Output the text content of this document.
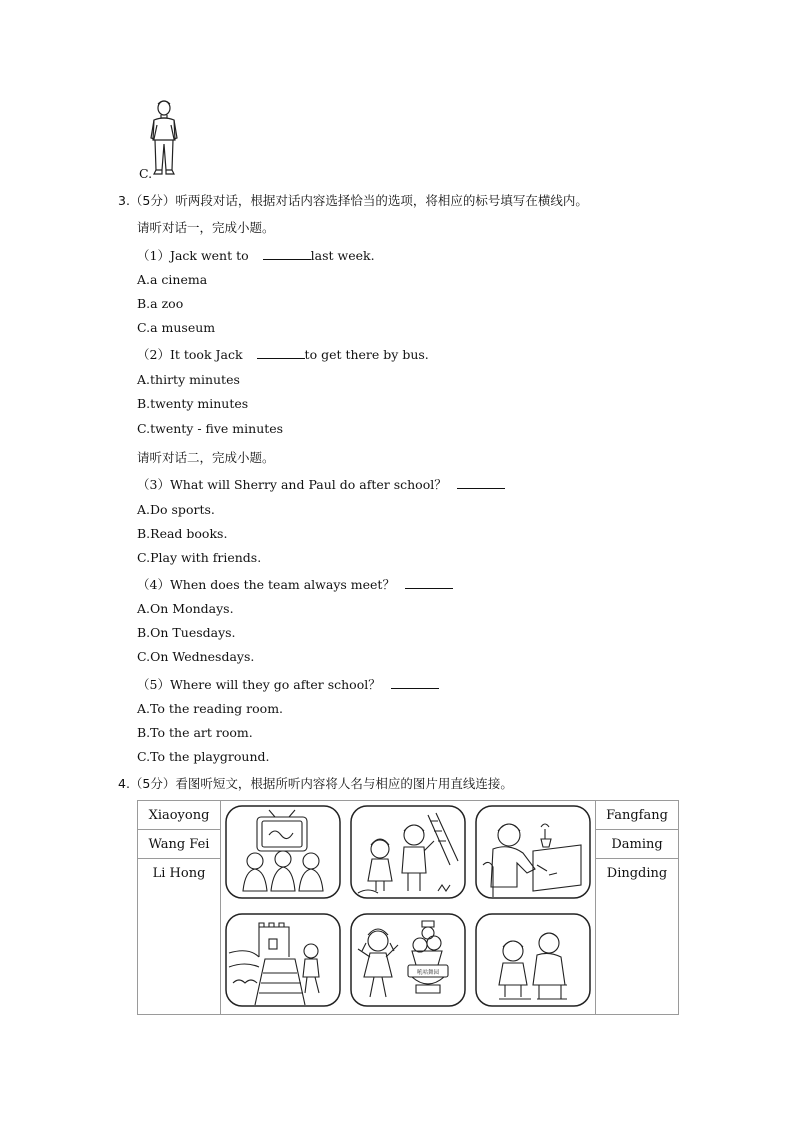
C.
3.（5分）听两段对话，根据对话内容选择恰当的选项，将相应的标号填写在横线内。
请听对话一，完成小题。
（1）Jack went to	last week.
A.a cinema
B.a zoo
C.a museum
（2）It took Jack	to get there by bus.
A.thirty minutes
B.twenty minutes
C.twenty - five minutes
请听对话二，完成小题。
（3）What will Sherry and Paul do after school？
A.Do sports.
B.Read books.
C.Play with friends.
（4）When does the team always meet？
A.On Mondays.
B.On Tuesdays.
C.On Wednesdays.
（5）Where will they go after school？
A.To the reading room.
B.To the art room.
C.To the playground.
4.（5分）看图听短文，根据所听内容将人名与相应的图片用直线连接。
Xiaoyong	吼咕舞园	Fangfang
Wang Fei		Daming
Li Hong		Dingding
